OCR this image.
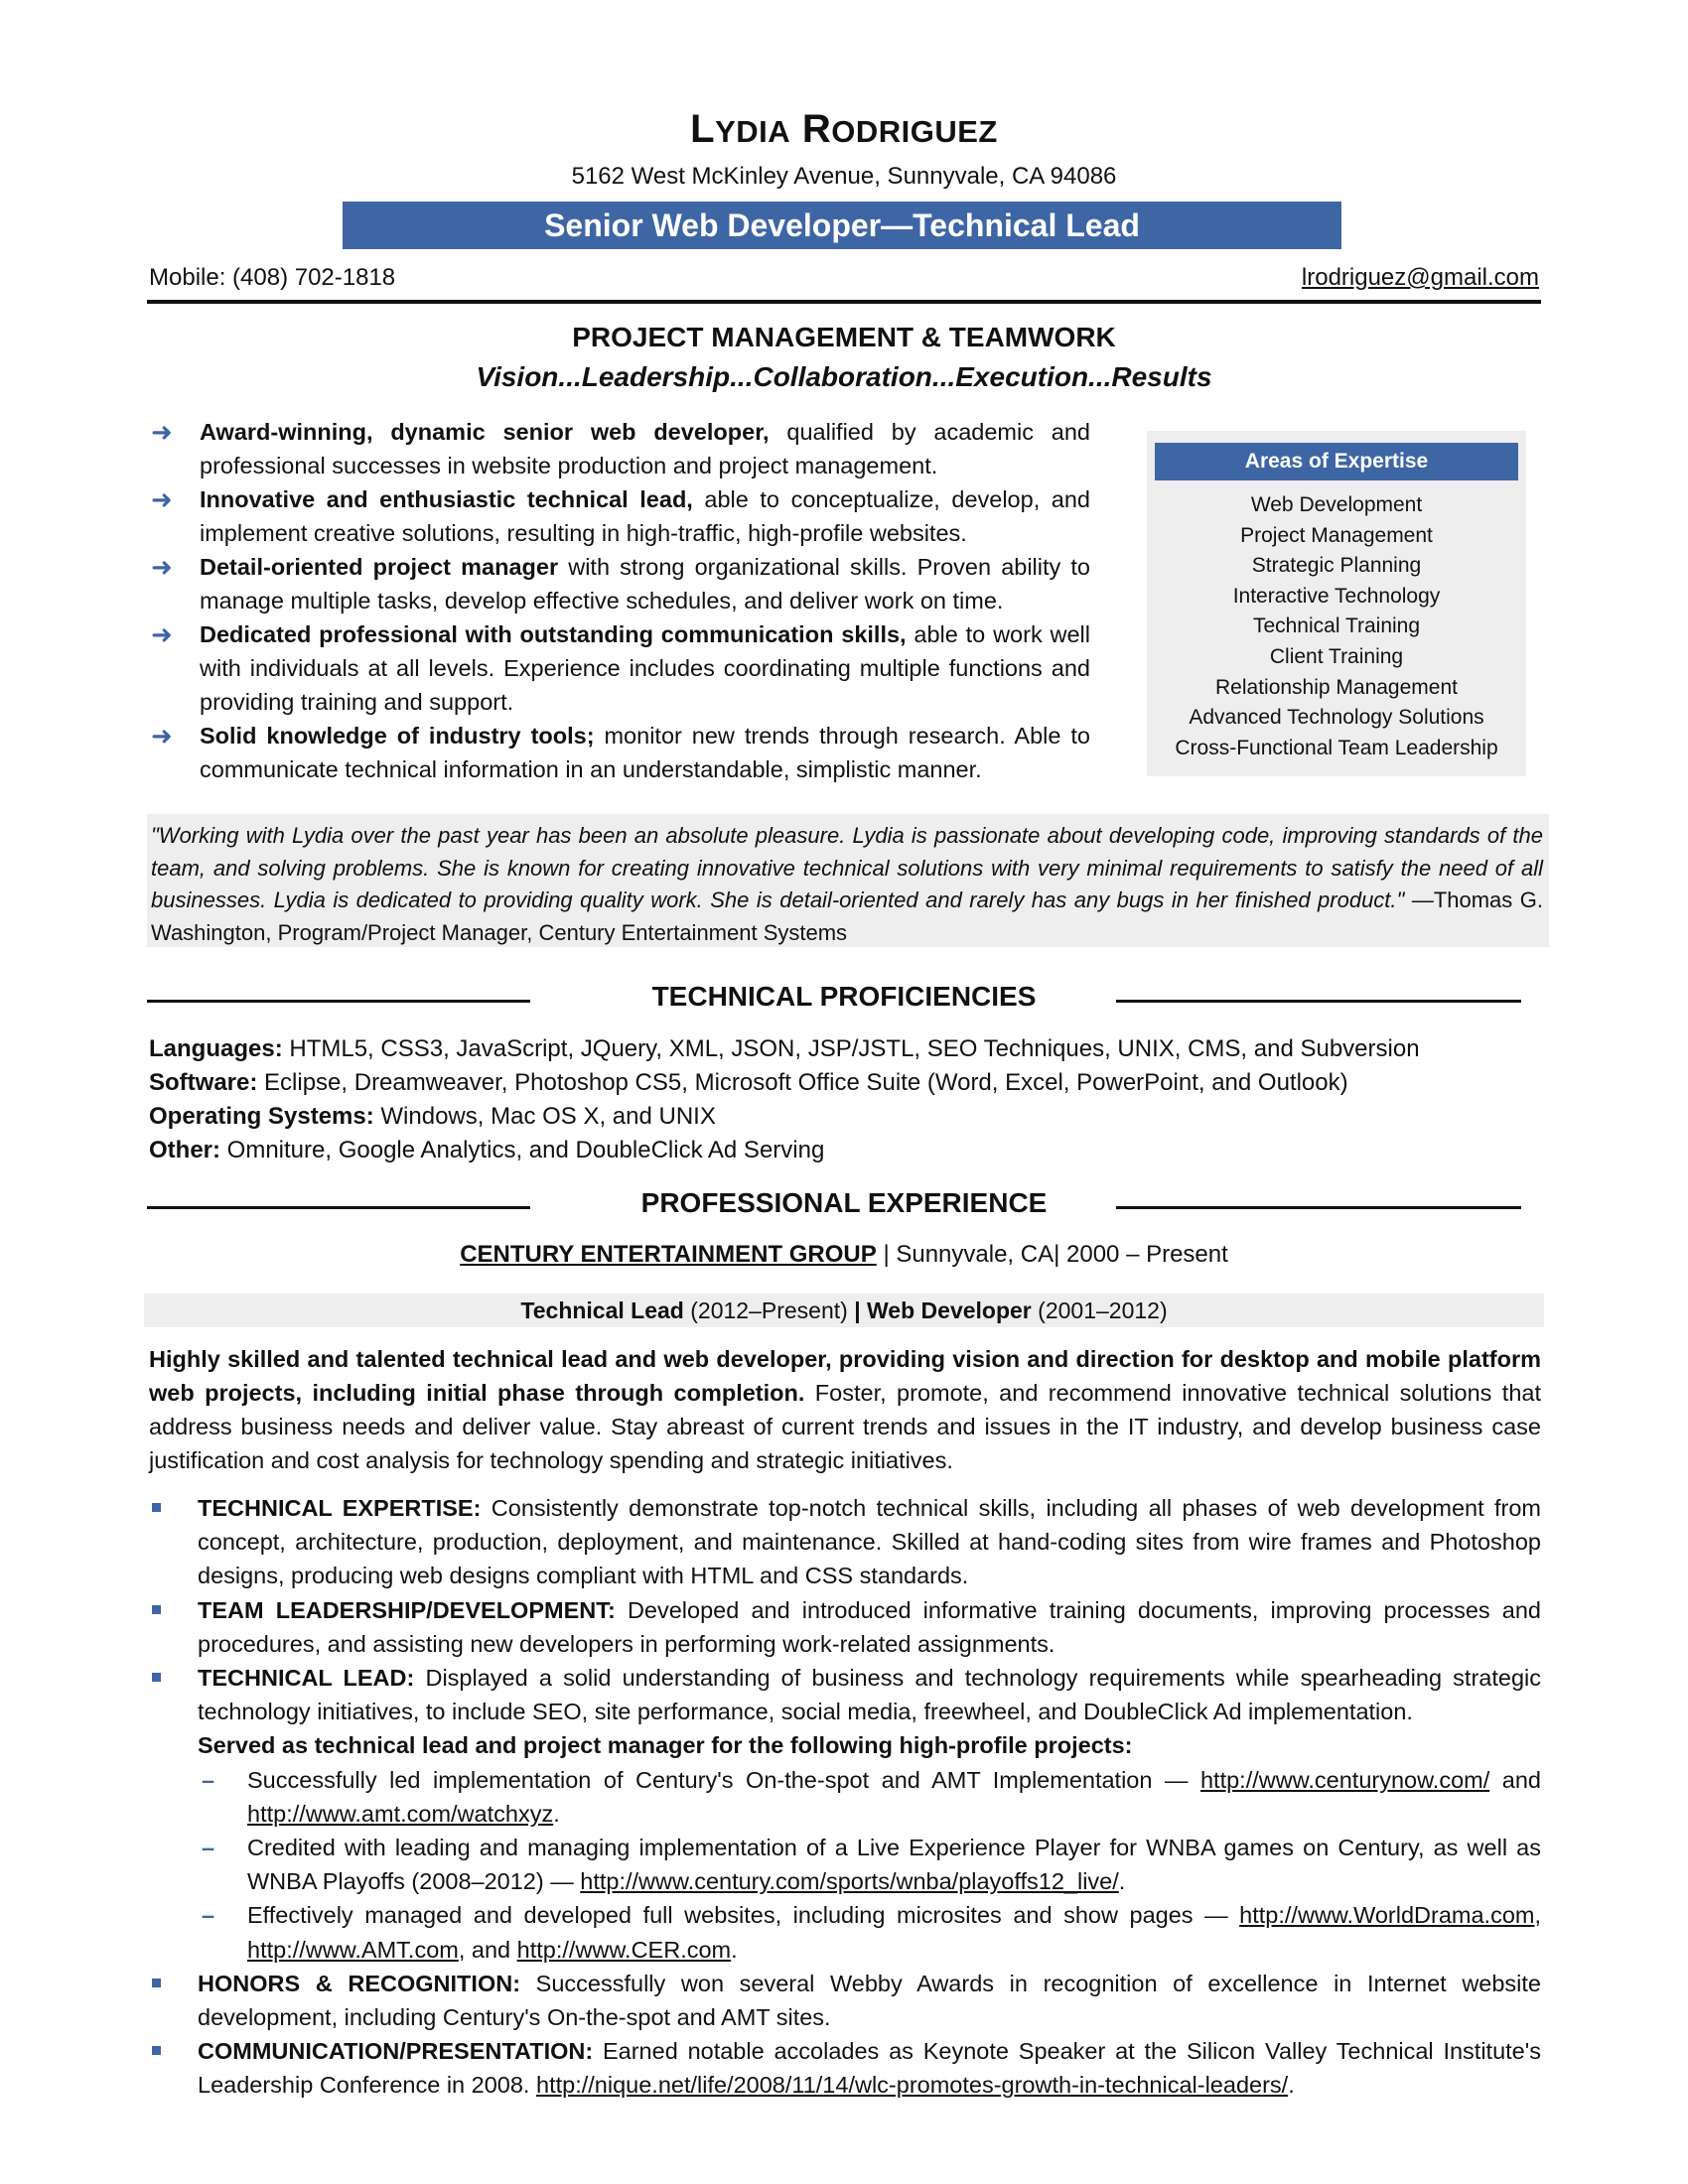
LYDIA RODRIGUEZ
5162 West McKinley Avenue, Sunnyvale, CA 94086
Senior Web Developer—Technical Lead
Mobile: (408) 702-1818	lrodriguez@gmail.com
PROJECT MANAGEMENT & TEAMWORK
Vision...Leadership...Collaboration...Execution...Results
➜ Award-winning, dynamic senior web developer, qualified by academic and professional successes in website production and project management.
➜ Innovative and enthusiastic technical lead, able to conceptualize, develop, and implement creative solutions, resulting in high-traffic, high-profile websites.
➜ Detail-oriented project manager with strong organizational skills. Proven ability to manage multiple tasks, develop effective schedules, and deliver work on time.
➜ Dedicated professional with outstanding communication skills, able to work well with individuals at all levels. Experience includes coordinating multiple functions and providing training and support.
➜ Solid knowledge of industry tools; monitor new trends through research. Able to communicate technical information in an understandable, simplistic manner.
Areas of Expertise
Web Development
Project Management
Strategic Planning
Interactive Technology
Technical Training
Client Training
Relationship Management
Advanced Technology Solutions
Cross-Functional Team Leadership
"Working with Lydia over the past year has been an absolute pleasure. Lydia is passionate about developing code, improving standards of the team, and solving problems. She is known for creating innovative technical solutions with very minimal requirements to satisfy the need of all businesses. Lydia is dedicated to providing quality work. She is detail-oriented and rarely has any bugs in her finished product." —Thomas G. Washington, Program/Project Manager, Century Entertainment Systems
TECHNICAL PROFICIENCIES
Languages: HTML5, CSS3, JavaScript, JQuery, XML, JSON, JSP/JSTL, SEO Techniques, UNIX, CMS, and Subversion
Software: Eclipse, Dreamweaver, Photoshop CS5, Microsoft Office Suite (Word, Excel, PowerPoint, and Outlook)
Operating Systems: Windows, Mac OS X, and UNIX
Other: Omniture, Google Analytics, and DoubleClick Ad Serving
PROFESSIONAL EXPERIENCE
CENTURY ENTERTAINMENT GROUP | Sunnyvale, CA| 2000 – Present
Technical Lead (2012–Present) | Web Developer (2001–2012)
Highly skilled and talented technical lead and web developer, providing vision and direction for desktop and mobile platform web projects, including initial phase through completion. Foster, promote, and recommend innovative technical solutions that address business needs and deliver value. Stay abreast of current trends and issues in the IT industry, and develop business case justification and cost analysis for technology spending and strategic initiatives.
TECHNICAL EXPERTISE: Consistently demonstrate top-notch technical skills, including all phases of web development from concept, architecture, production, deployment, and maintenance. Skilled at hand-coding sites from wire frames and Photoshop designs, producing web designs compliant with HTML and CSS standards.
TEAM LEADERSHIP/DEVELOPMENT: Developed and introduced informative training documents, improving processes and procedures, and assisting new developers in performing work-related assignments.
TECHNICAL LEAD: Displayed a solid understanding of business and technology requirements while spearheading strategic technology initiatives, to include SEO, site performance, social media, freewheel, and DoubleClick Ad implementation.
Served as technical lead and project manager for the following high-profile projects:
– Successfully led implementation of Century's On-the-spot and AMT Implementation — http://www.centurynow.com/ and http://www.amt.com/watchxyz.
– Credited with leading and managing implementation of a Live Experience Player for WNBA games on Century, as well as WNBA Playoffs (2008–2012) — http://www.century.com/sports/wnba/playoffs12_live/.
– Effectively managed and developed full websites, including microsites and show pages — http://www.WorldDrama.com, http://www.AMT.com, and http://www.CER.com.
HONORS & RECOGNITION: Successfully won several Webby Awards in recognition of excellence in Internet website development, including Century's On-the-spot and AMT sites.
COMMUNICATION/PRESENTATION: Earned notable accolades as Keynote Speaker at the Silicon Valley Technical Institute's Leadership Conference in 2008. http://nique.net/life/2008/11/14/wlc-promotes-growth-in-technical-leaders/.
